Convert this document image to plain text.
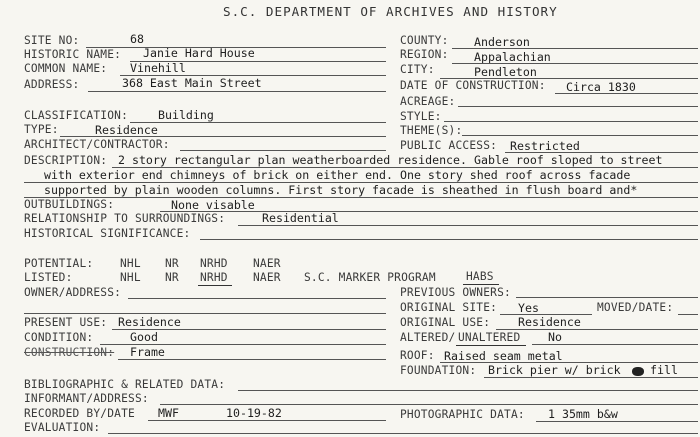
S.C. DEPARTMENT OF ARCHIVES AND HISTORY
SITE NO:	68	COUNTY: Anderson
HISTORIC NAME: Janie Hard House	REGION: Appalachian
COMMON NAME: Vinehill	CITY:	Pendleton
ADDRESS:	368 East Main Street	DATE OF CONSTRUCTION: Circa 1830
ACREAGE:
CLASSIFICATION:	Building	STYLE:
TYPE:	Residence	THEME(S):
ARCHITECT/CONTRACTOR:	PUBLIC ACCESS: Restricted
DESCRIPTION: 2 story rectangular plan weatherboarded residence. Gable roof sloped to street
with exterior end chimneys of brick on either end. One story shed roof across facade
supported by plain wooden columns. First story facade is sheathed in flush board and*
OUTBUILDINGS:	None visable
RELATIONSHIP TO SURROUNDINGS:	Residential
HISTORICAL SIGNIFICANCE:
POTENTIAL: NHL NR NRHD NAER
LISTED:	NHL NR NRHD NAER S.C. MARKER PROGRAM	HABS
OWNER/ADDRESS:	PREVIOUS OWNERS:
ORIGINAL SITE: Yes	MOVED/DATE:
PRESENT USE: Residence	ORIGINAL USE: Residence
CONDITION:	Good	ALTERED/ UNALTERED No
CONSTRUCTION: Frame	ROOF: Raised seam metal
FOUNDATION: Brick pier w/ brick	fill
BIBLIOGRAPHIC & RELATED DATA:
INFORMANT/ADDRESS:
RECORDED BY/DATE MWF	10-19-82	PHOTOGRAPHIC DATA: 1 35mm b&w
EVALUATION:
